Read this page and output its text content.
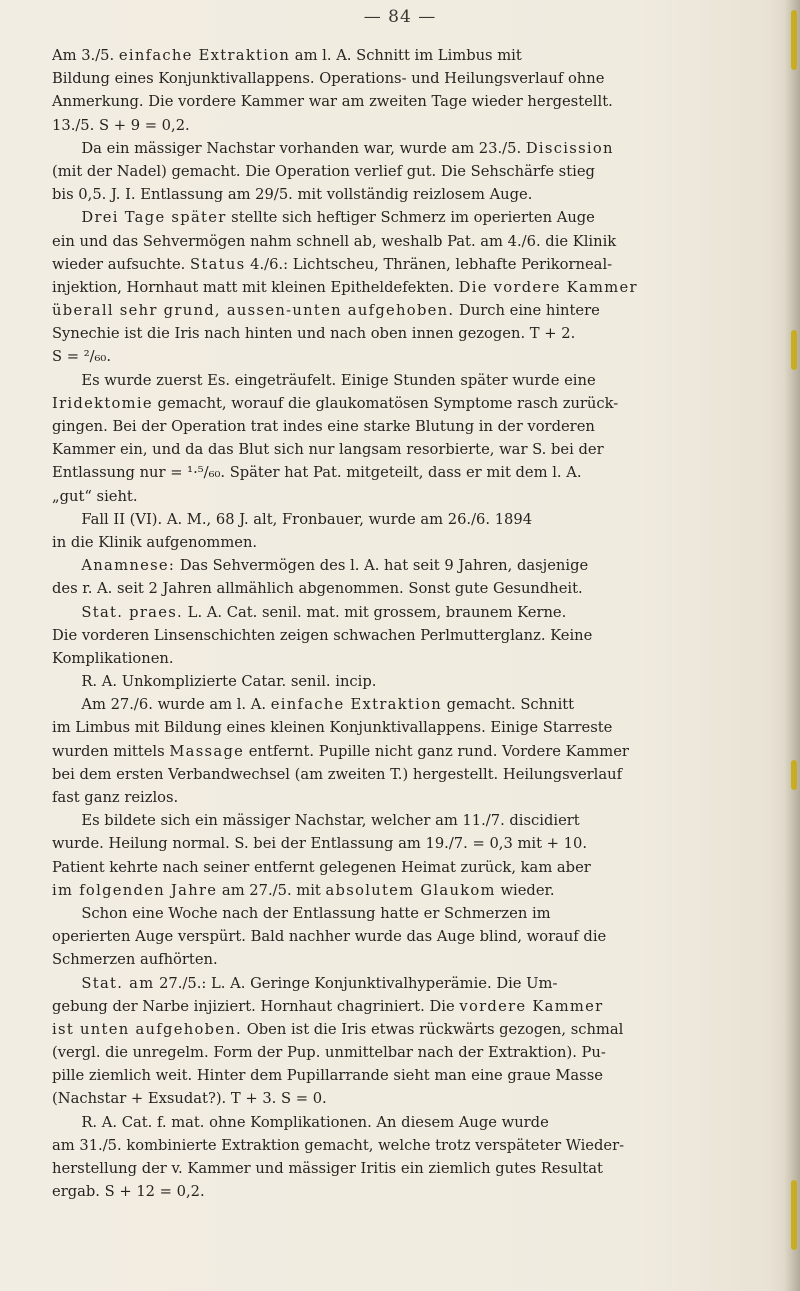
— 84 —
Am 3./5. einfache Extraktion am l. A. Schnitt im Limbus mit
Bildung eines Konjunktivallappens. Operations- und Heilungsverlauf ohne
Anmerkung. Die vordere Kammer war am zweiten Tage wieder hergestellt.
13./5. S + 9 = 0,2.
  Da ein mässiger Nachstar vorhanden war, wurde am 23./5. Discission
(mit der Nadel) gemacht. Die Operation verlief gut. Die Sehschärfe stieg
bis 0,5. J. I. Entlassung am 29/5. mit vollständig reizlosem Auge.
  Drei Tage später stellte sich heftiger Schmerz im operierten Auge
ein und das Sehvermögen nahm schnell ab, weshalb Pat. am 4./6. die Klinik
wieder aufsuchte. Status 4./6.: Lichtscheu, Thränen, lebhafte Perikorneal-
injektion, Hornhaut matt mit kleinen Epitheldefekten. Die vordere Kammer
überall sehr grund, aussen-unten aufgehoben. Durch eine hintere
Synechie ist die Iris nach hinten und nach oben innen gezogen. T + 2.
S = ²/₆₀.
  Es wurde zuerst Es. eingeträufelt. Einige Stunden später wurde eine
Iridektomie gemacht, worauf die glaukomatösen Symptome rasch zurück-
gingen. Bei der Operation trat indes eine starke Blutung in der vorderen
Kammer ein, und da das Blut sich nur langsam resorbierte, war S. bei der
Entlassung nur = ¹·⁵/₆₀. Später hat Pat. mitgeteilt, dass er mit dem l. A.
„gut“ sieht.
  Fall II (VI). A. M., 68 J. alt, Fronbauer, wurde am 26./6. 1894
in die Klinik aufgenommen.
  Anamnese: Das Sehvermögen des l. A. hat seit 9 Jahren, dasjenige
des r. A. seit 2 Jahren allmählich abgenommen. Sonst gute Gesundheit.
  Stat. praes. L. A. Cat. senil. mat. mit grossem, braunem Kerne.
Die vorderen Linsenschichten zeigen schwachen Perlmutterglanz. Keine
Komplikationen.
  R. A. Unkomplizierte Catar. senil. incip.
  Am 27./6. wurde am l. A. einfache Extraktion gemacht. Schnitt
im Limbus mit Bildung eines kleinen Konjunktivallappens. Einige Starreste
wurden mittels Massage entfernt. Pupille nicht ganz rund. Vordere Kammer
bei dem ersten Verbandwechsel (am zweiten T.) hergestellt. Heilungsverlauf
fast ganz reizlos.
  Es bildete sich ein mässiger Nachstar, welcher am 11./7. discidiert
wurde. Heilung normal. S. bei der Entlassung am 19./7. = 0,3 mit + 10.
Patient kehrte nach seiner entfernt gelegenen Heimat zurück, kam aber
im folgenden Jahre am 27./5. mit absolutem Glaukom wieder.
  Schon eine Woche nach der Entlassung hatte er Schmerzen im
operierten Auge verspürt. Bald nachher wurde das Auge blind, worauf die
Schmerzen aufhörten.
  Stat. am 27./5.: L. A. Geringe Konjunktivalhyperämie. Die Um-
gebung der Narbe injiziert. Hornhaut chagriniert. Die vordere Kammer
ist unten aufgehoben. Oben ist die Iris etwas rückwärts gezogen, schmal
(vergl. die unregelm. Form der Pup. unmittelbar nach der Extraktion). Pu-
pille ziemlich weit. Hinter dem Pupillarrande sieht man eine graue Masse
(Nachstar + Exsudat?). T + 3. S = 0.
  R. A. Cat. f. mat. ohne Komplikationen. An diesem Auge wurde
am 31./5. kombinierte Extraktion gemacht, welche trotz verspäteter Wieder-
herstellung der v. Kammer und mässiger Iritis ein ziemlich gutes Resultat
ergab. S + 12 = 0,2.
